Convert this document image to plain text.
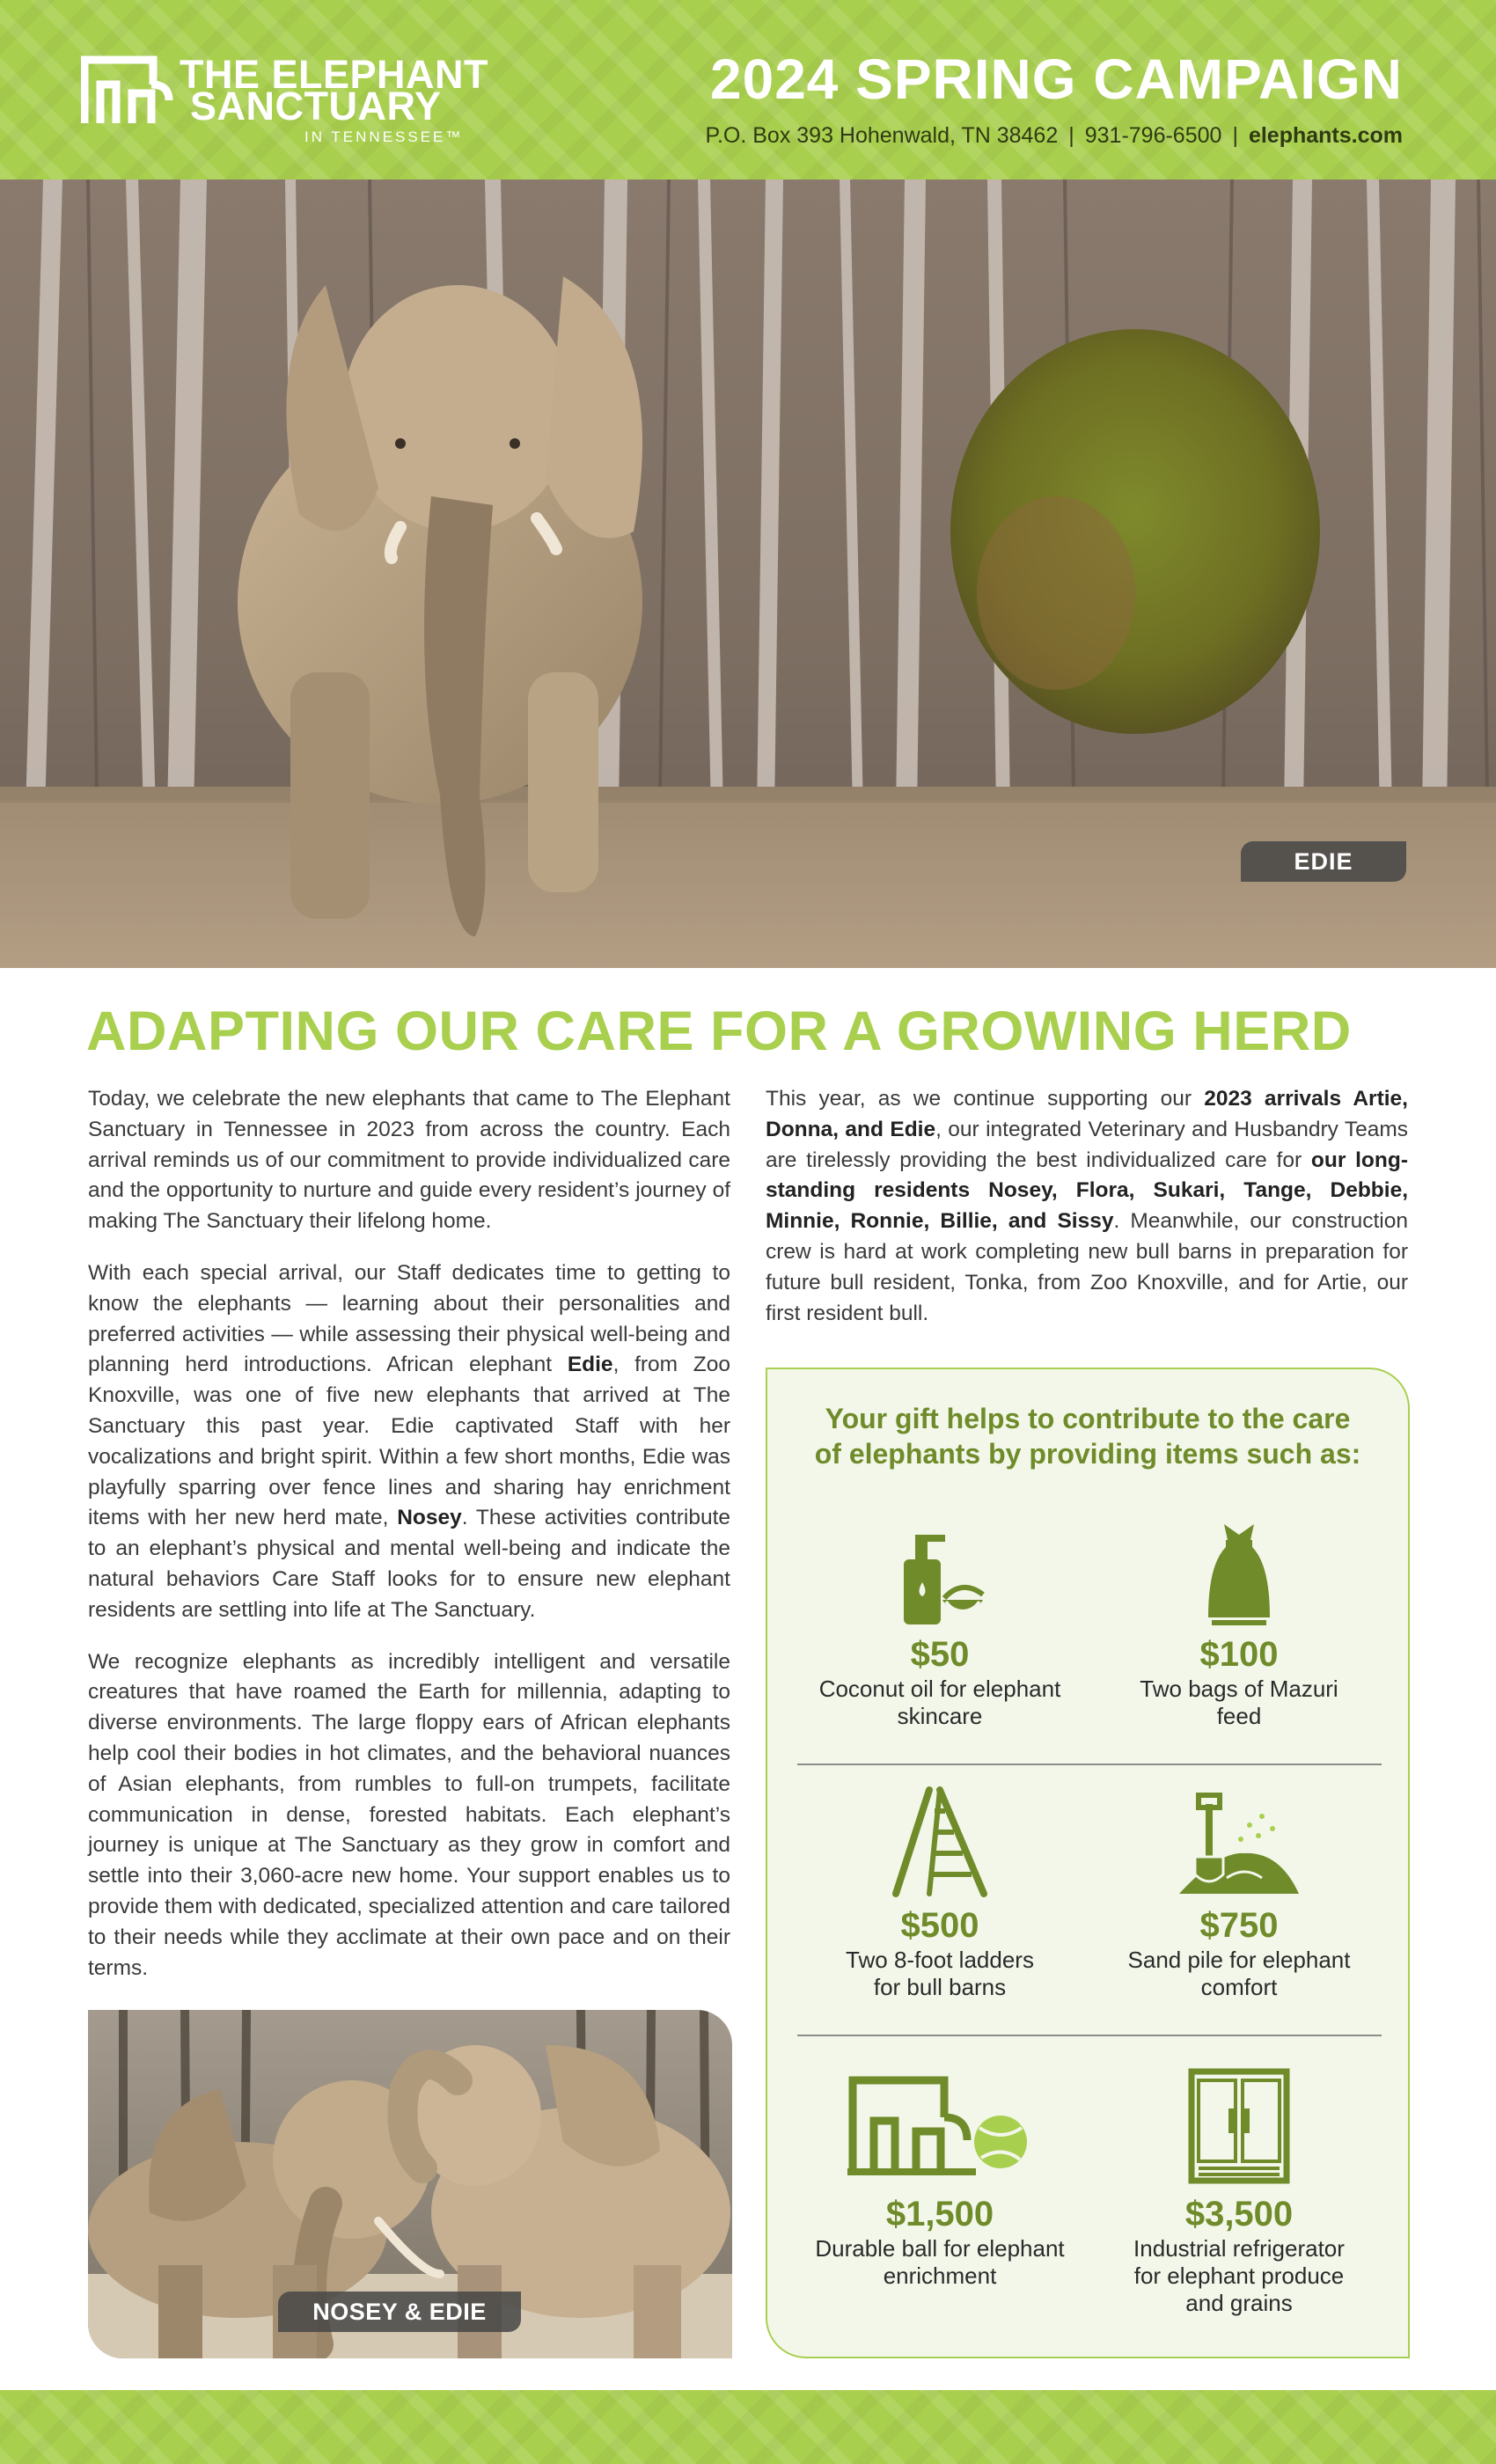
THE ELEPHANT
SANCTUARY
IN TENNESSEE™
2024 SPRING CAMPAIGN
P.O. Box 393 Hohenwald, TN 38462 | 931-796-6500 | elephants.com
EDIE
ADAPTING OUR CARE FOR A GROWING HERD

Today, we celebrate the new elephants that came to The Elephant Sanctuary in Tennessee in 2023 from across the country. Each arrival reminds us of our commitment to provide individualized care and the opportunity to nurture and guide every resident’s journey of making The Sanctuary their lifelong home.

With each special arrival, our Staff dedicates time to getting to know the elephants — learning about their personalities and preferred activities — while assessing their physical well-being and planning herd introductions. African elephant Edie, from Zoo Knoxville, was one of five new elephants that arrived at The Sanctuary this past year. Edie captivated Staff with her vocalizations and bright spirit. Within a few short months, Edie was playfully sparring over fence lines and sharing hay enrichment items with her new herd mate, Nosey. These activities contribute to an elephant’s physical and mental well-being and indicate the natural behaviors Care Staff looks for to ensure new elephant residents are settling into life at The Sanctuary.

We recognize elephants as incredibly intelligent and versatile creatures that have roamed the Earth for millennia, adapting to diverse environments. The large floppy ears of African elephants help cool their bodies in hot climates, and the behavioral nuances of Asian elephants, from rumbles to full-on trumpets, facilitate communication in dense, forested habitats. Each elephant’s journey is unique at The Sanctuary as they grow in comfort and settle into their 3,060-acre new home. Your support enables us to provide them with dedicated, specialized attention and care tailored to their needs while they acclimate at their own pace and on their terms.

NOSEY & EDIE

This year, as we continue supporting our 2023 arrivals Artie, Donna, and Edie, our integrated Veterinary and Husbandry Teams are tirelessly providing the best individualized care for our long-standing residents Nosey, Flora, Sukari, Tange, Debbie, Minnie, Ronnie, Billie, and Sissy. Meanwhile, our construction crew is hard at work completing new bull barns in preparation for future bull resident, Tonka, from Zoo Knoxville, and for Artie, our first resident bull.

Your gift helps to contribute to the care
of elephants by providing items such as:
$50
Coconut oil for elephant
skincare
$100
Two bags of Mazuri
feed
$500
Two 8-foot ladders
for bull barns
$750
Sand pile for elephant
comfort
$1,500
Durable ball for elephant
enrichment
$3,500
Industrial refrigerator
for elephant produce
and grains
